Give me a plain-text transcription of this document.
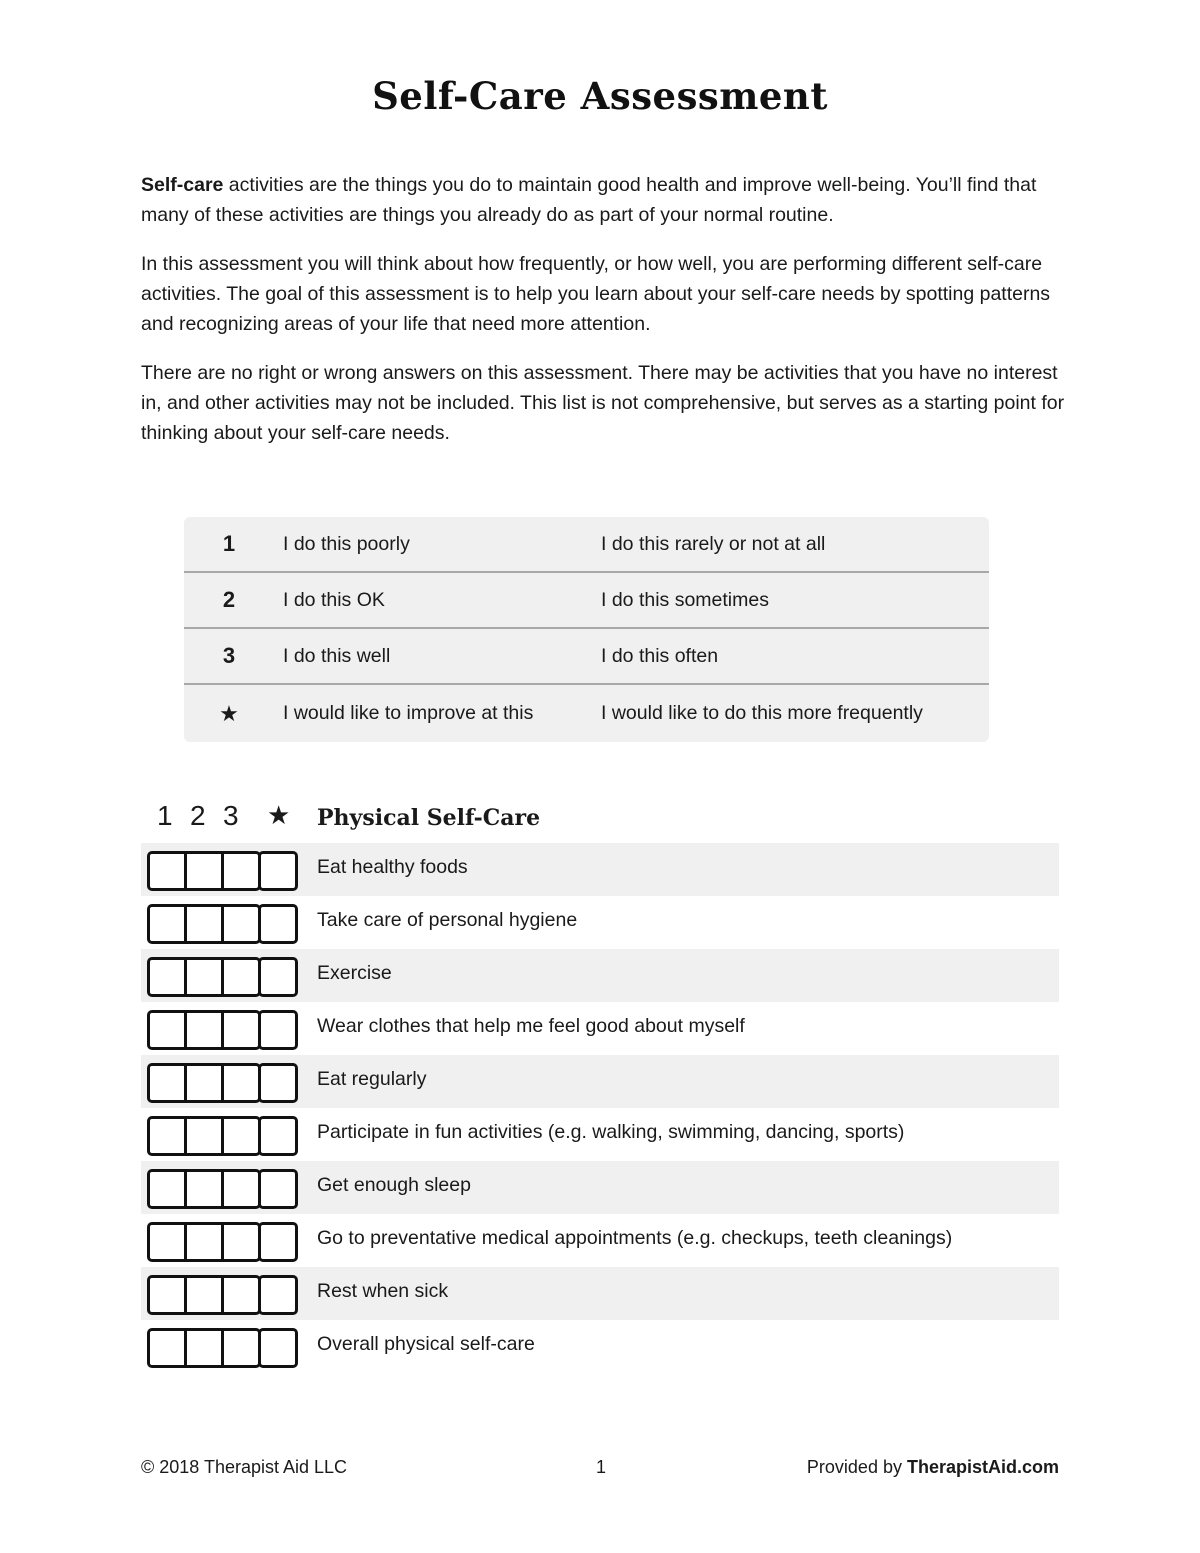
Self-Care Assessment

Self-care activities are the things you do to maintain good health and improve well-being. You’ll find that many of these activities are things you already do as part of your normal routine.

In this assessment you will think about how frequently, or how well, you are performing different self-care activities. The goal of this assessment is to help you learn about your self-care needs by spotting patterns and recognizing areas of your life that need more attention.

There are no right or wrong answers on this assessment. There may be activities that you have no interest in, and other activities may not be included. This list is not comprehensive, but serves as a starting point for thinking about your self-care needs.

1	I do this poorly	I do this rarely or not at all
2	I do this OK	I do this sometimes
3	I do this well	I do this often
★	I would like to improve at this	I would like to do this more frequently
1 2 3 ★ Physical Self-Care
Eat healthy foods
Take care of personal hygiene
Exercise
Wear clothes that help me feel good about myself
Eat regularly
Participate in fun activities (e.g. walking, swimming, dancing, sports)
Get enough sleep
Go to preventative medical appointments (e.g. checkups, teeth cleanings)
Rest when sick
Overall physical self-care
© 2018 Therapist Aid LLC	1	Provided by TherapistAid.com
